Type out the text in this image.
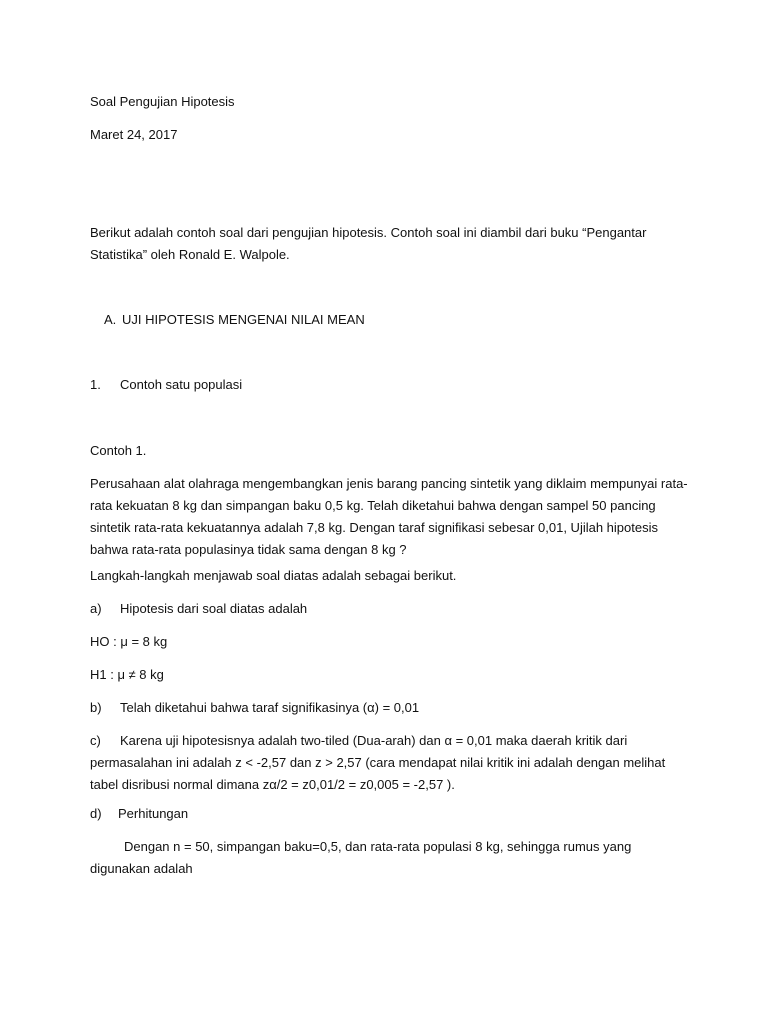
Soal Pengujian Hipotesis

Maret 24, 2017

Berikut adalah contoh soal dari pengujian hipotesis. Contoh soal ini diambil dari buku “Pengantar Statistika” oleh Ronald E. Walpole.

A. UJI HIPOTESIS MENGENAI NILAI MEAN

1. Contoh satu populasi

Contoh 1.

Perusahaan alat olahraga mengembangkan jenis barang pancing sintetik yang diklaim mempunyai rata-rata kekuatan 8 kg dan simpangan baku 0,5 kg. Telah diketahui bahwa dengan sampel 50 pancing sintetik rata-rata kekuatannya adalah 7,8 kg. Dengan taraf signifikasi sebesar 0,01, Ujilah hipotesis bahwa rata-rata populasinya tidak sama dengan 8 kg ?

Langkah-langkah menjawab soal diatas adalah sebagai berikut.

a) Hipotesis dari soal diatas adalah

HO : μ = 8 kg

H1 : μ ≠ 8 kg

b) Telah diketahui bahwa taraf signifikasinya (α) = 0,01

c) Karena uji hipotesisnya adalah two-tiled (Dua-arah) dan α = 0,01 maka daerah kritik dari permasalahan ini adalah z < -2,57 dan z > 2,57 (cara mendapat nilai kritik ini adalah dengan melihat tabel disribusi normal dimana zα/2 = z0,01/2 = z0,005 = -2,57 ).

d) Perhitungan

Dengan n = 50, simpangan baku=0,5, dan rata-rata populasi 8 kg, sehingga rumus yang digunakan adalah
